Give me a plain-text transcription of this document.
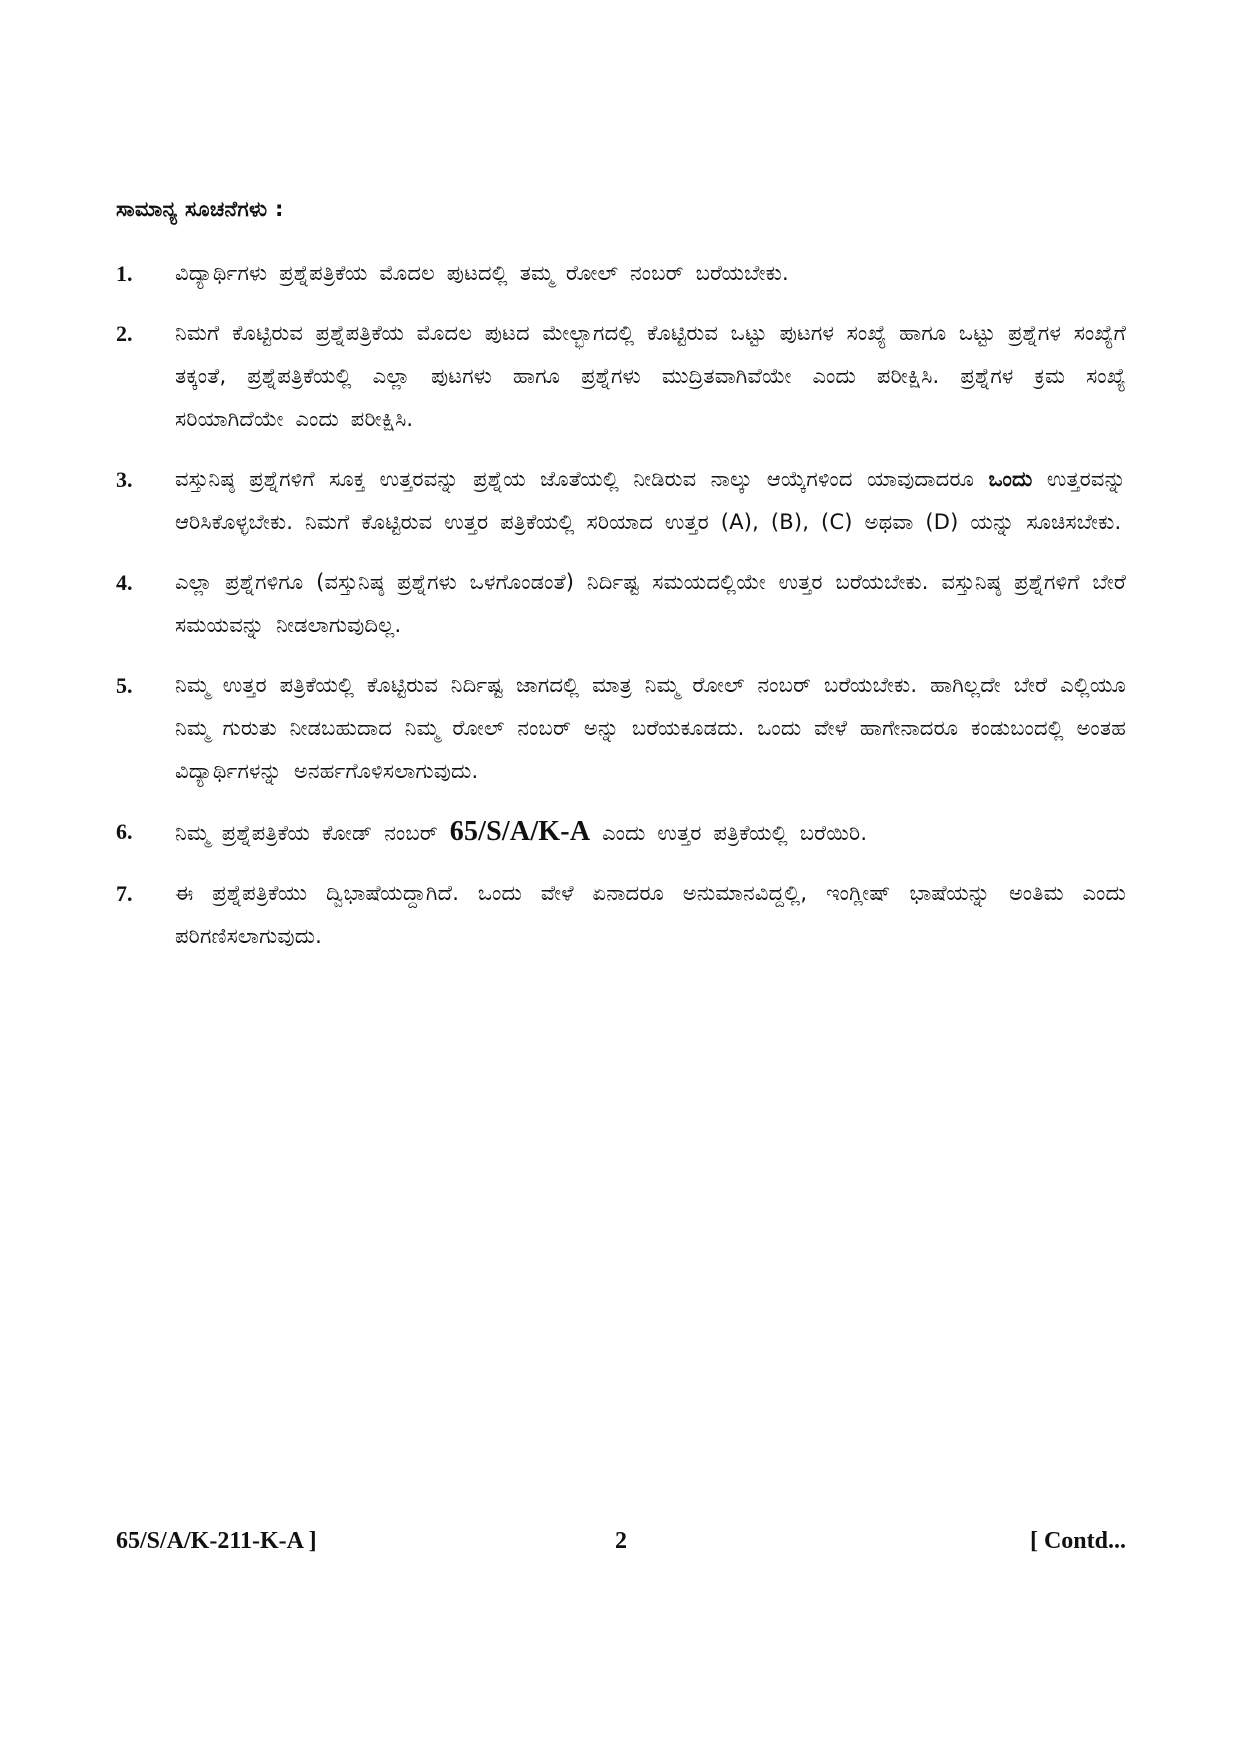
ಸಾಮಾನ್ಯ ಸೂಚನೆಗಳು :
1. ವಿದ್ಯಾರ್ಥಿಗಳು ಪ್ರಶ್ನೆಪತ್ರಿಕೆಯ ಮೊದಲ ಪುಟದಲ್ಲಿ ತಮ್ಮ ರೋಲ್ ನಂಬರ್ ಬರೆಯಬೇಕು.
2. ನಿಮಗೆ ಕೊಟ್ಟಿರುವ ಪ್ರಶ್ನೆಪತ್ರಿಕೆಯ ಮೊದಲ ಪುಟದ ಮೇಲ್ಭಾಗದಲ್ಲಿ ಕೊಟ್ಟಿರುವ ಒಟ್ಟು ಪುಟಗಳ ಸಂಖ್ಯೆ ಹಾಗೂ ಒಟ್ಟು ಪ್ರಶ್ನೆಗಳ ಸಂಖ್ಯೆಗೆ ತಕ್ಕಂತೆ, ಪ್ರಶ್ನೆಪತ್ರಿಕೆಯಲ್ಲಿ ಎಲ್ಲಾ ಪುಟಗಳು ಹಾಗೂ ಪ್ರಶ್ನೆಗಳು ಮುದ್ರಿತವಾಗಿವೆಯೇ ಎಂದು ಪರೀಕ್ಷಿಸಿ. ಪ್ರಶ್ನೆಗಳ ಕ್ರಮ ಸಂಖ್ಯೆ ಸರಿಯಾಗಿದೆಯೇ ಎಂದು ಪರೀಕ್ಷಿಸಿ.
3. ವಸ್ತುನಿಷ್ಠ ಪ್ರಶ್ನೆಗಳಿಗೆ ಸೂಕ್ತ ಉತ್ತರವನ್ನು ಪ್ರಶ್ನೆಯ ಜೊತೆಯಲ್ಲಿ ನೀಡಿರುವ ನಾಲ್ಕು ಆಯ್ಕೆಗಳಿಂದ ಯಾವುದಾದರೂ ಒಂದು ಉತ್ತರವನ್ನು ಆರಿಸಿಕೊಳ್ಳಬೇಕು. ನಿಮಗೆ ಕೊಟ್ಟಿರುವ ಉತ್ತರ ಪತ್ರಿಕೆಯಲ್ಲಿ ಸರಿಯಾದ ಉತ್ತರ (A), (B), (C) ಅಥವಾ (D) ಯನ್ನು ಸೂಚಿಸಬೇಕು.
4. ಎಲ್ಲಾ ಪ್ರಶ್ನೆಗಳಿಗೂ (ವಸ್ತುನಿಷ್ಠ ಪ್ರಶ್ನೆಗಳು ಒಳಗೊಂಡಂತೆ) ನಿರ್ದಿಷ್ಟ ಸಮಯದಲ್ಲಿಯೇ ಉತ್ತರ ಬರೆಯಬೇಕು. ವಸ್ತುನಿಷ್ಠ ಪ್ರಶ್ನೆಗಳಿಗೆ ಬೇರೆ ಸಮಯವನ್ನು ನೀಡಲಾಗುವುದಿಲ್ಲ.
5. ನಿಮ್ಮ ಉತ್ತರ ಪತ್ರಿಕೆಯಲ್ಲಿ ಕೊಟ್ಟಿರುವ ನಿರ್ದಿಷ್ಟ ಜಾಗದಲ್ಲಿ ಮಾತ್ರ ನಿಮ್ಮ ರೋಲ್ ನಂಬರ್ ಬರೆಯಬೇಕು. ಹಾಗಿಲ್ಲದೇ ಬೇರೆ ಎಲ್ಲಿಯೂ ನಿಮ್ಮ ಗುರುತು ನೀಡಬಹುದಾದ ನಿಮ್ಮ ರೋಲ್ ನಂಬರ್ ಅನ್ನು ಬರೆಯಕೂಡದು. ಒಂದು ವೇಳೆ ಹಾಗೇನಾದರೂ ಕಂಡುಬಂದಲ್ಲಿ ಅಂತಹ ವಿದ್ಯಾರ್ಥಿಗಳನ್ನು ಅನರ್ಹಗೊಳಿಸಲಾಗುವುದು.
6. ನಿಮ್ಮ ಪ್ರಶ್ನೆಪತ್ರಿಕೆಯ ಕೋಡ್ ನಂಬರ್ 65/S/A/K-A ಎಂದು ಉತ್ತರ ಪತ್ರಿಕೆಯಲ್ಲಿ ಬರೆಯಿರಿ.
7. ಈ ಪ್ರಶ್ನೆಪತ್ರಿಕೆಯು ದ್ವಿಭಾಷೆಯದ್ದಾಗಿದೆ. ಒಂದು ವೇಳೆ ಏನಾದರೂ ಅನುಮಾನವಿದ್ದಲ್ಲಿ, ಇಂಗ್ಲೀಷ್ ಭಾಷೆಯನ್ನು ಅಂತಿಮ ಎಂದು ಪರಿಗಣಿಸಲಾಗುವುದು.
2
65/S/A/K-211-K-A ]	[ Contd...
